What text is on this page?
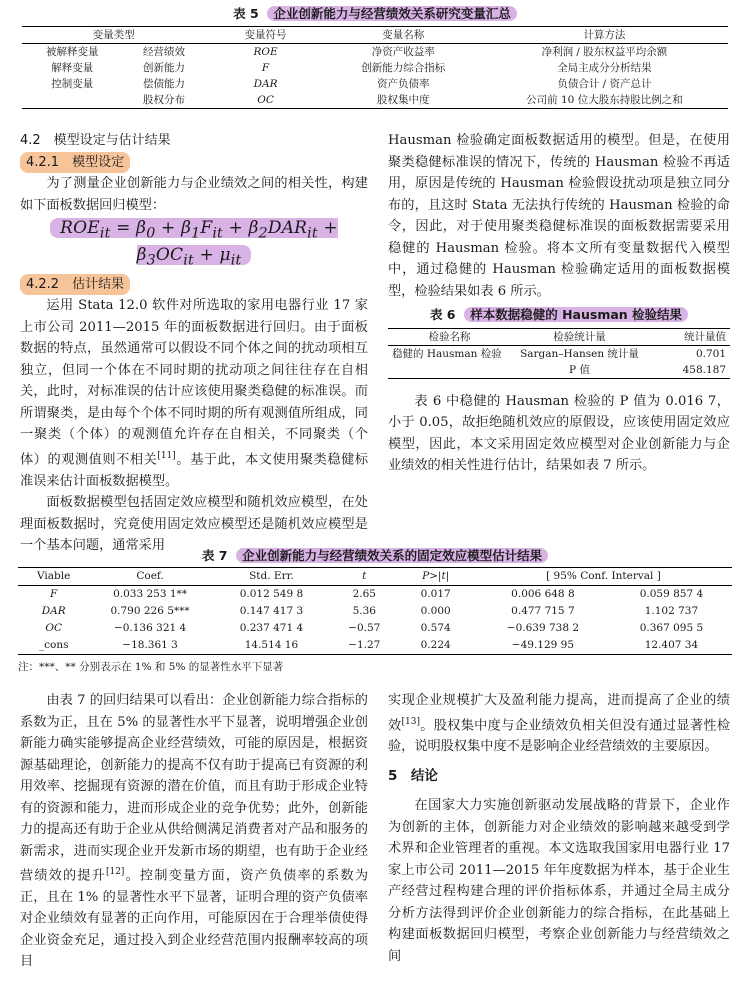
表 5 企业创新能力与经营绩效关系研究变量汇总
变量类型		变量符号	变量名称	计算方法
被解释变量	经营绩效	ROE	净资产收益率	净利润 / 股东权益平均余额
解释变量	创新能力	F	创新能力综合指标	全局主成分分析结果
控制变量	偿债能力	DAR	资产负债率	负债合计 / 资产总计
	股权分布	OC	股权集中度	公司前 10 位大股东持股比例之和
4.2　模型设定与估计结果
4.2.1　模型设定

为了测量企业创新能力与企业绩效之间的相关性，构建如下面板数据回归模型：

$ROE_{it} = \beta_0 + \beta_1F_{it} + \beta_2DAR_{it} + \beta_3OC_{it} + \mu_{it}$
4.2.2　估计结果

运用 Stata 12.0 软件对所选取的家用电器行业 17 家上市公司 2011—2015 年的面板数据进行回归。由于面板数据的特点，虽然通常可以假设不同个体之间的扰动项相互独立，但同一个体在不同时期的扰动项之间往往存在自相关，此时，对标准误的估计应该使用聚类稳健的标准误。而所谓聚类，是由每个个体不同时期的所有观测值所组成，同一聚类（个体）的观测值允许存在自相关，不同聚类（个体）的观测值则不相关[11]。基于此，本文使用聚类稳健标准误来估计面板数据模型。

面板数据模型包括固定效应模型和随机效应模型，在处理面板数据时，究竟使用固定效应模型还是随机效应模型是一个基本问题，通常采用

Hausman 检验确定面板数据适用的模型。但是，在使用聚类稳健标准误的情况下，传统的 Hausman 检验不再适用，原因是传统的 Hausman 检验假设扰动项是独立同分布的，且这时 Stata 无法执行传统的 Hausman 检验的命令，因此，对于使用聚类稳健标准误的面板数据需要采用稳健的 Hausman 检验。将本文所有变量数据代入模型中，通过稳健的 Hausman 检验确定适用的面板数据模型，检验结果如表 6 所示。

表 6 样本数据稳健的 Hausman 检验结果
检验名称	检验统计量	统计量值
稳健的 Hausman 检验	Sargan–Hansen 统计量	0.701
	P 值	458.187

表 6 中稳健的 Hausman 检验的 P 值为 0.016 7，小于 0.05，故拒绝随机效应的原假设，应该使用固定效应模型，因此，本文采用固定效应模型对企业创新能力与企业绩效的相关性进行估计，结果如表 7 所示。

表 7 企业创新能力与经营绩效关系的固定效应模型估计结果
Viable	Coef.	Std. Err.	t	P>|t|	[ 95% Conf. Interval ]	
F	0.033 253 1**	0.012 549 8	2.65	0.017	0.006 648 8	0.059 857 4
DAR	0.790 226 5***	0.147 417 3	5.36	0.000	0.477 715 7	1.102 737
OC	−0.136 321 4	0.237 471 4	−0.57	0.574	−0.639 738 2	0.367 095 5
_cons	−18.361 3	14.514 16	−1.27	0.224	−49.129 95	12.407 34
注：***、** 分别表示在 1% 和 5% 的显著性水平下显著

由表 7 的回归结果可以看出：企业创新能力综合指标的系数为正，且在 5% 的显著性水平下显著，说明增强企业创新能力确实能够提高企业经营绩效，可能的原因是，根据资源基础理论，创新能力的提高不仅有助于提高已有资源的利用效率、挖掘现有资源的潜在价值，而且有助于形成企业特有的资源和能力，进而形成企业的竞争优势；此外，创新能力的提高还有助于企业从供给侧满足消费者对产品和服务的新需求，进而实现企业开发新市场的期望，也有助于企业经营绩效的提升[12]。控制变量方面，资产负债率的系数为正，且在 1% 的显著性水平下显著，证明合理的资产负债率对企业绩效有显著的正向作用，可能原因在于合理举债使得企业资金充足，通过投入到企业经营范围内报酬率较高的项目

实现企业规模扩大及盈利能力提高，进而提高了企业的绩效[13]。股权集中度与企业绩效负相关但没有通过显著性检验，说明股权集中度不是影响企业经营绩效的主要原因。

5　结论

在国家大力实施创新驱动发展战略的背景下，企业作为创新的主体，创新能力对企业绩效的影响越来越受到学术界和企业管理者的重视。本文选取我国家用电器行业 17 家上市公司 2011—2015 年年度数据为样本，基于企业生产经营过程构建合理的评价指标体系，并通过全局主成分分析方法得到评价企业创新能力的综合指标，在此基础上构建面板数据回归模型，考察企业创新能力与经营绩效之间
